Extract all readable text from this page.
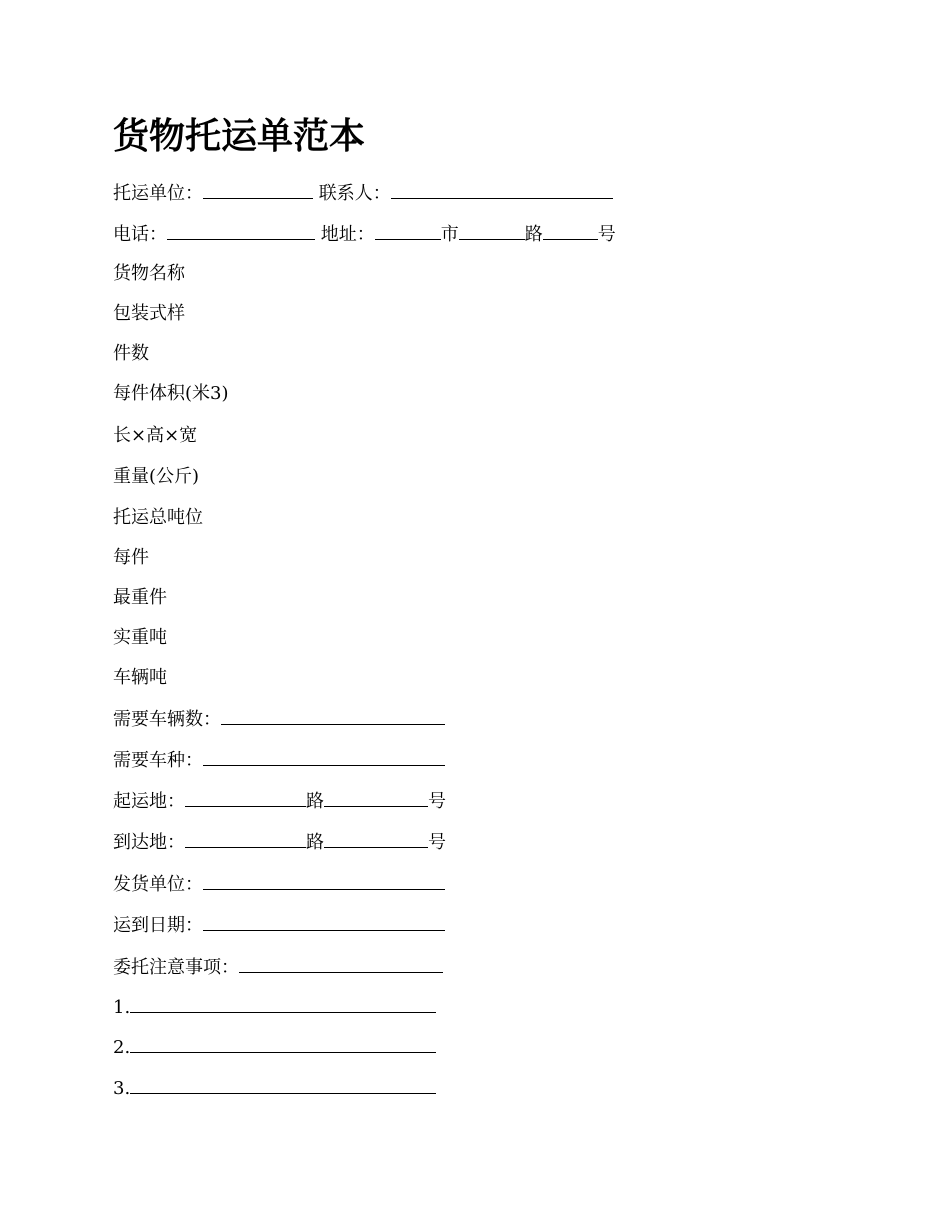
货物托运单范本
托运单位：	联系人：
电话：	地址：	市	路	号
货物名称
包装式样
件数
每件体积(米3)
长×高×宽
重量(公斤)
托运总吨位
每件
最重件
实重吨
车辆吨
需要车辆数：
需要车种：
起运地：	路	号
到达地：	路	号
发货单位：
运到日期：
委托注意事项：
1.
2.
3.
